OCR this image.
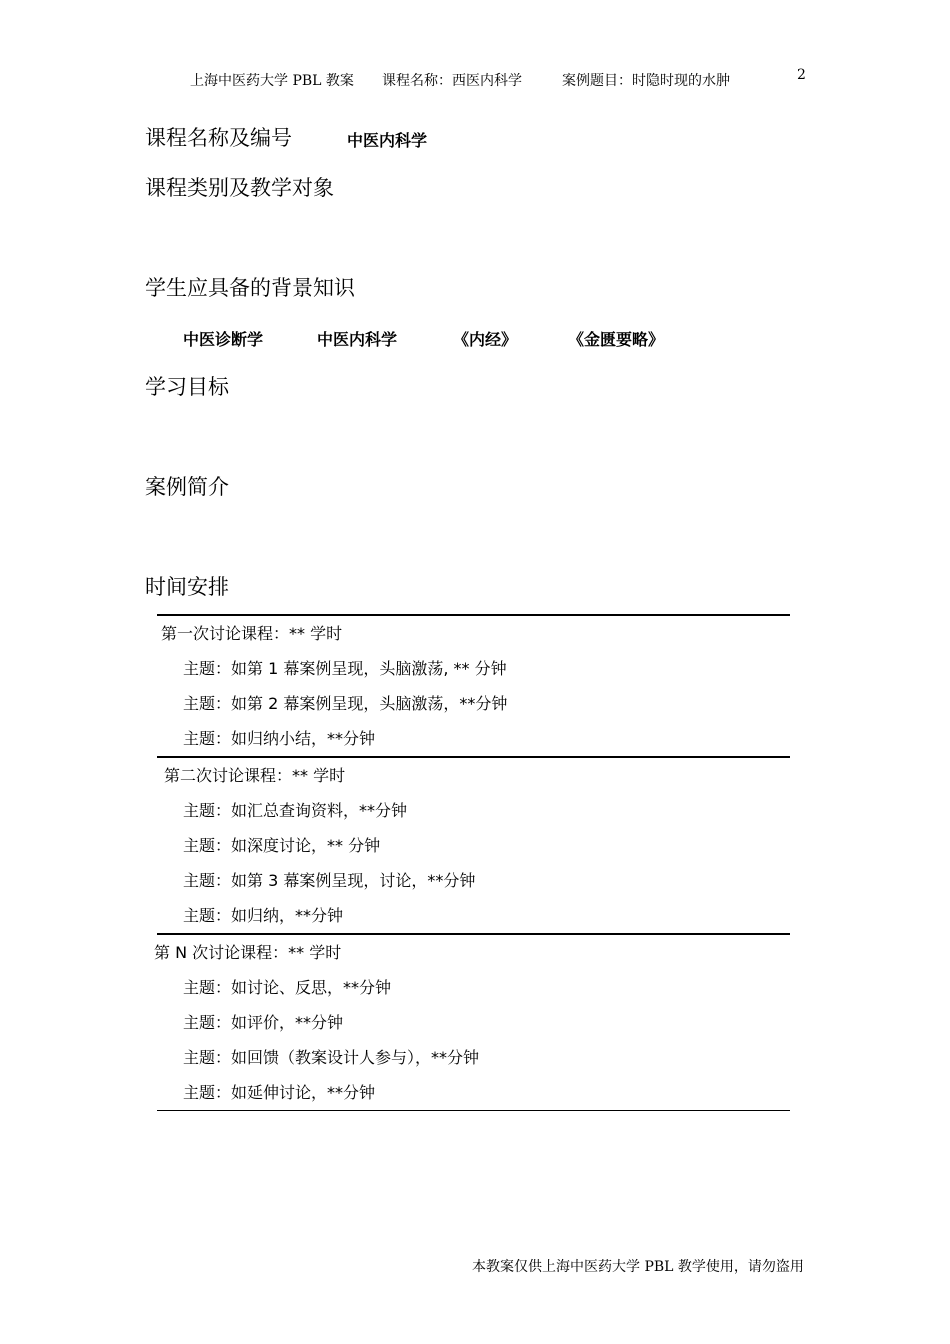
上海中医药大学 PBL 教案 课程名称：西医内科学	案例题目：时隐时现的水肿	2
课程名称及编号	中医内科学
课程类别及教学对象
学生应具备的背景知识
中医诊断学	中医内科学	《内经》	《金匮要略》
学习目标
案例简介
时间安排
第一次讨论课程：** 学时
主题：如第 1 幕案例呈现，头脑激荡, ** 分钟
主题：如第 2 幕案例呈现，头脑激荡，**分钟
主题：如归纳小结，**分钟
第二次讨论课程：** 学时
主题：如汇总查询资料，**分钟
主题：如深度讨论，** 分钟
主题：如第 3 幕案例呈现，讨论，**分钟
主题：如归纳，**分钟
第 N 次讨论课程：** 学时
主题：如讨论、反思，**分钟
主题：如评价，**分钟
主题：如回馈（教案设计人参与），**分钟
主题：如延伸讨论，**分钟
本教案仅供上海中医药大学 PBL 教学使用，请勿盗用
